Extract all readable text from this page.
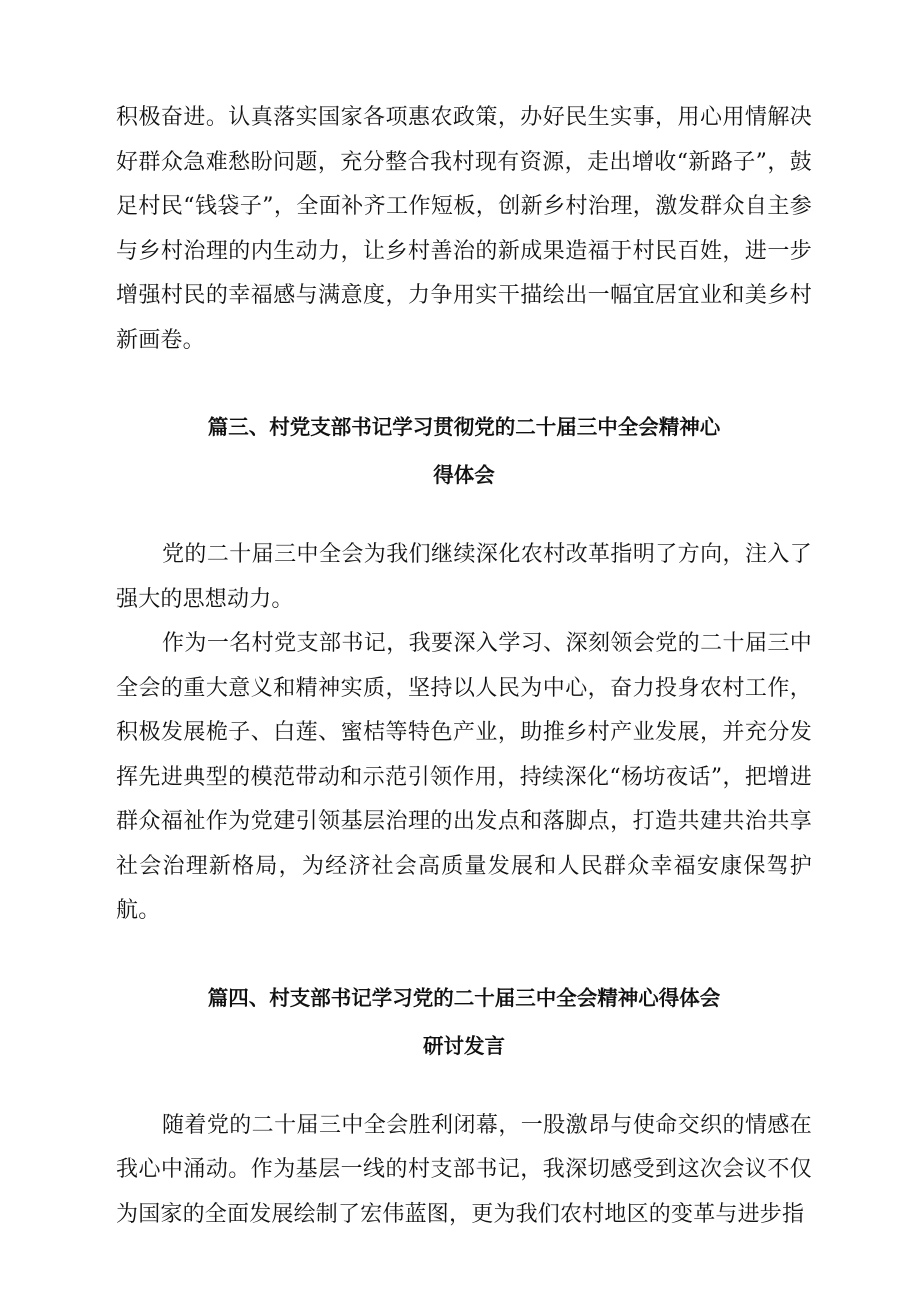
积极奋进。认真落实国家各项惠农政策，办好民生实事，用心用情解决好群众急难愁盼问题，充分整合我村现有资源，走出增收“新路子”，鼓足村民“钱袋子”，全面补齐工作短板，创新乡村治理，激发群众自主参与乡村治理的内生动力，让乡村善治的新成果造福于村民百姓，进一步增强村民的幸福感与满意度，力争用实干描绘出一幅宜居宜业和美乡村新画卷。

篇三、村党支部书记学习贯彻党的二十届三中全会精神心
得体会

党的二十届三中全会为我们继续深化农村改革指明了方向，注入了强大的思想动力。

作为一名村党支部书记，我要深入学习、深刻领会党的二十届三中全会的重大意义和精神实质，坚持以人民为中心，奋力投身农村工作，积极发展桅子、白莲、蜜桔等特色产业，助推乡村产业发展，并充分发挥先进典型的模范带动和示范引领作用，持续深化“杨坊夜话”，把增进群众福祉作为党建引领基层治理的出发点和落脚点，打造共建共治共享社会治理新格局，为经济社会高质量发展和人民群众幸福安康保驾护航。

篇四、村支部书记学习党的二十届三中全会精神心得体会
研讨发言

随着党的二十届三中全会胜利闭幕，一股激昂与使命交织的情感在我心中涌动。作为基层一线的村支部书记，我深切感受到这次会议不仅为国家的全面发展绘制了宏伟蓝图，更为我们农村地区的变革与进步指
